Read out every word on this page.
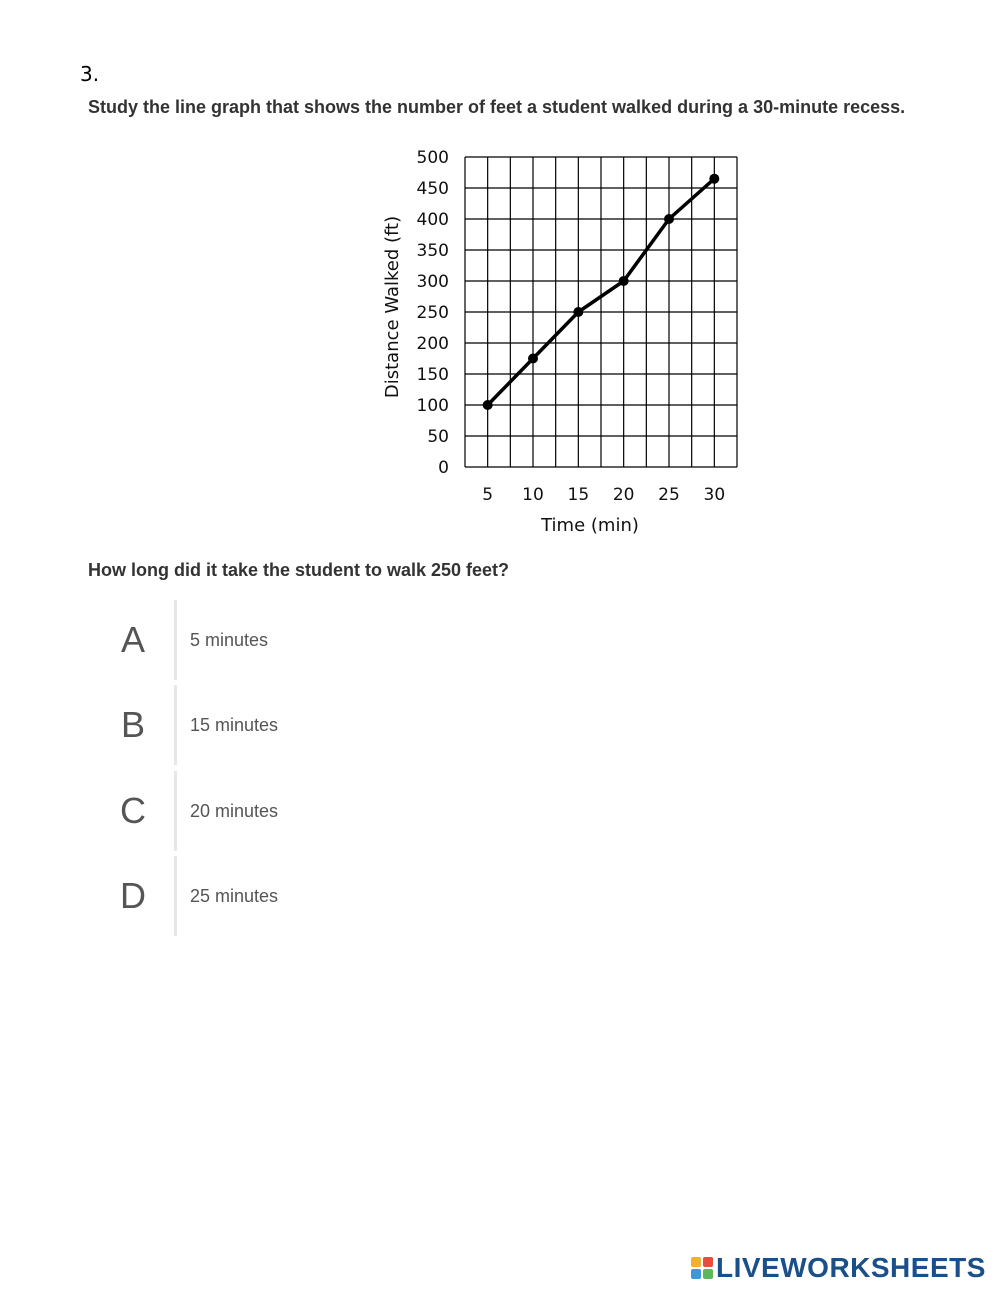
3.
Study the line graph that shows the number of feet a student walked during a 30-minute recess.
0
50
100
150
200
250
300
350
400
450
500
5 10 15 20 25 30
Time (min)
Distance Walked (ft)
How long did it take the student to walk 250 feet?
A	5 minutes
B	15 minutes
C	20 minutes
D	25 minutes
LIVEWORKSHEETS
